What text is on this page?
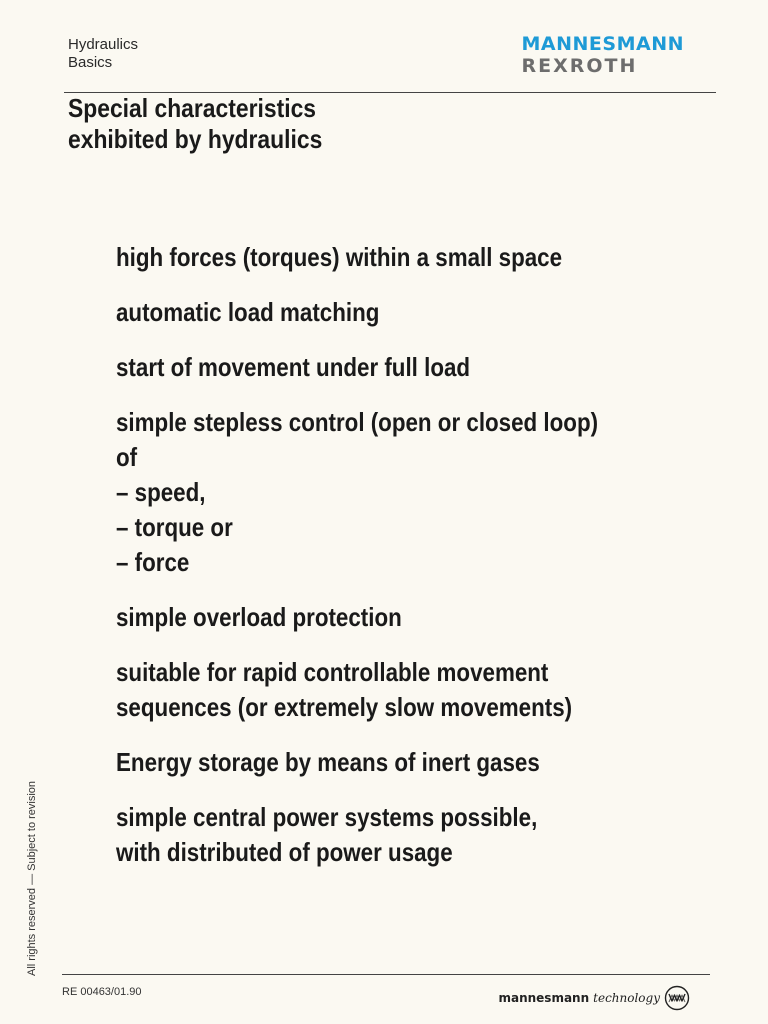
Hydraulics
Basics
MANNESMANN
REXROTH
Special characteristics
exhibited by hydraulics
high forces (torques) within a small space
automatic load matching
start of movement under full load
simple stepless control (open or closed loop)
of
– speed,
– torque or
– force
simple overload protection
suitable for rapid controllable movement
sequences (or extremely slow movements)
Energy storage by means of inert gases
simple central power systems possible,
with distributed of power usage
All rights reserved — Subject to revision
RE 00463/01.90	mannesmann technology
